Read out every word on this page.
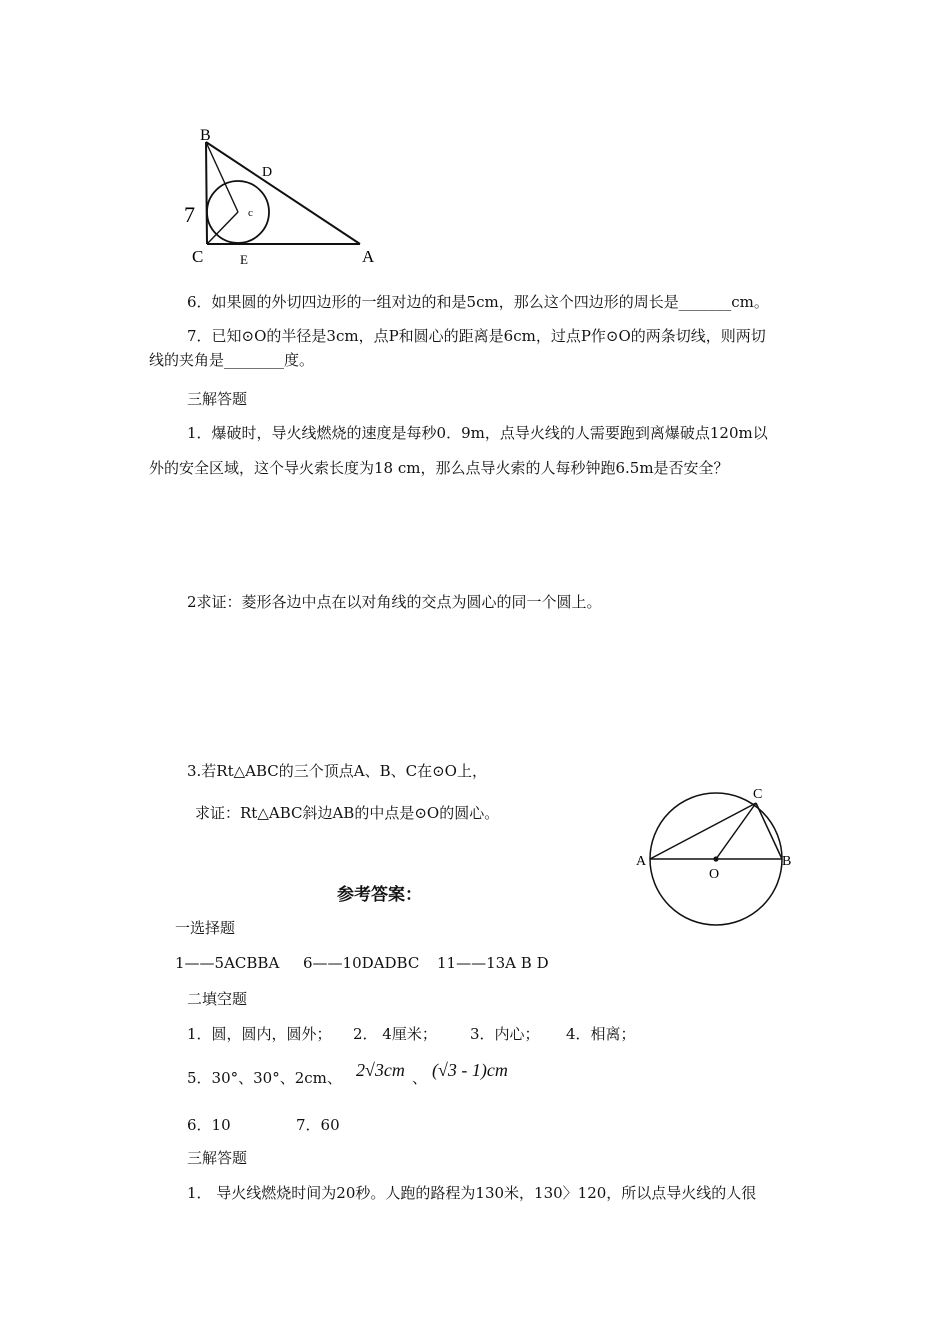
B
D
7	c
C	E	A
6．如果圆的外切四边形的一组对边的和是5cm，那么这个四边形的周长是_______cm。
7．已知⊙O的半径是3cm，点P和圆心的距离是6cm，过点P作⊙O的两条切线，则两切
线的夹角是________度。
三解答题
1．爆破时，导火线燃烧的速度是每秒0．9m，点导火线的人需要跑到离爆破点120m以
外的安全区域，这个导火索长度为18 cm，那么点导火索的人每秒钟跑6.5m是否安全？
2求证：菱形各边中点在以对角线的交点为圆心的同一个圆上。
3.若Rt△ABC的三个顶点A、B、C在⊙O上，
求证：Rt△ABC斜边AB的中点是⊙O的圆心。
A	B
C
O
参考答案：
一选择题
1——5ACBBA 6——10DADBC 11——13A B D
二填空题
1．圆，圆内，圆外； 2． 4厘米； 3．内心； 4．相离；
5．30°、30°、2cm、 2√3cm 、 (√3 - 1)cm
6．10	7．60
三解答题
1． 导火线燃烧时间为20秒。人跑的路程为130米，130〉120，所以点导火线的人很
